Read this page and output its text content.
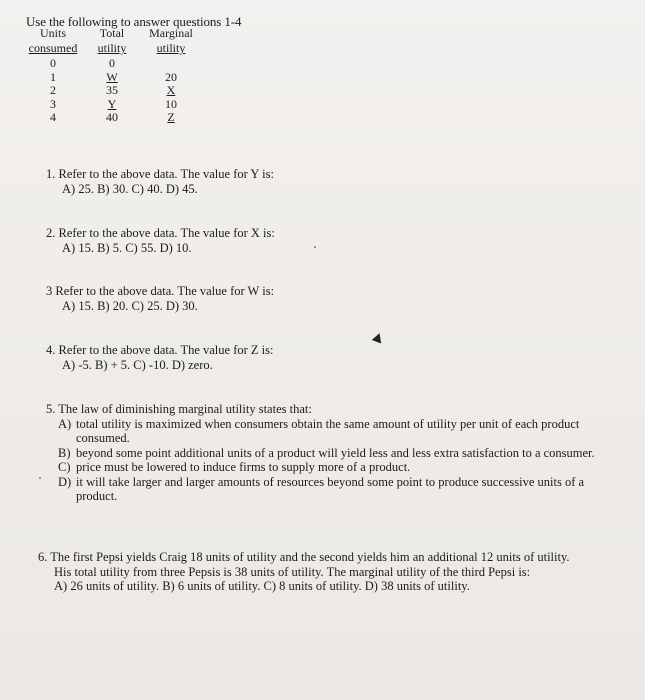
Use the following to answer questions 1-4
Units	Total	Marginal
consumed	utility	utility
0	0
1	W	20
2	35	X
3	Y	10
4	40	Z
1. Refer to the above data. The value for Y is:
A) 25. B) 30. C) 40. D) 45.
2. Refer to the above data. The value for X is:
A) 15. B) 5. C) 55. D) 10.
3 Refer to the above data. The value for W is:
A) 15. B) 20. C) 25. D) 30.
4. Refer to the above data. The value for Z is:
A) -5. B) + 5. C) -10. D) zero.
5. The law of diminishing marginal utility states that:
A) total utility is maximized when consumers obtain the same amount of utility per unit of each product consumed.
B) beyond some point additional units of a product will yield less and less extra satisfaction to a consumer.
C) price must be lowered to induce firms to supply more of a product.
D) it will take larger and larger amounts of resources beyond some point to produce successive units of a product.
6. The first Pepsi yields Craig 18 units of utility and the second yields him an additional 12 units of utility.
His total utility from three Pepsis is 38 units of utility. The marginal utility of the third Pepsi is:
A) 26 units of utility. B) 6 units of utility. C) 8 units of utility. D) 38 units of utility.
